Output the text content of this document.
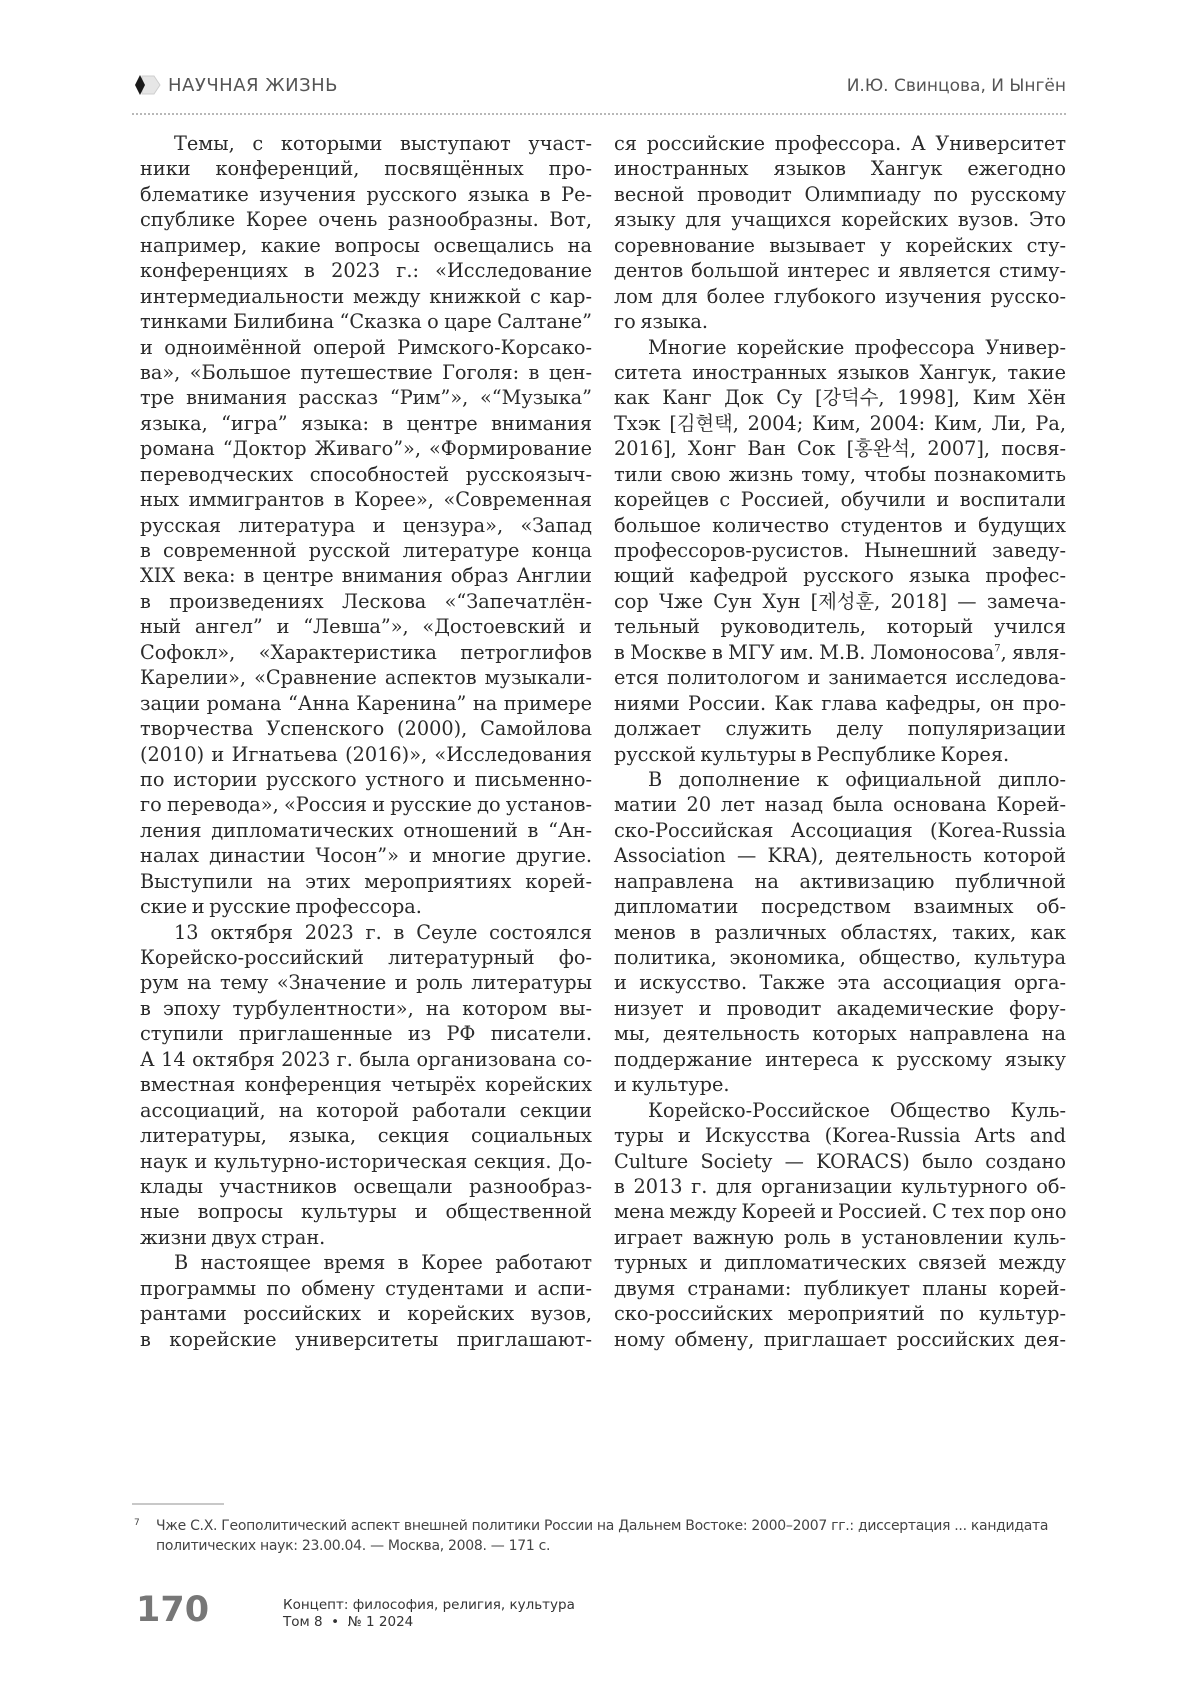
НАУЧНАЯ ЖИЗНЬ	И.Ю. Свинцова, И Ынгён
Темы, с которыми выступают участ-
ники конференций, посвящённых про-
блематике изучения русского языка в Ре-
спублике Корее очень разнообразны. Вот,
например, какие вопросы освещались на
конференциях в 2023 г.: «Исследование
интермедиальности между книжкой с кар-
тинками Билибина “Сказка о царе Салтане”
и одноимённой оперой Римского-Корсако-
ва», «Большое путешествие Гоголя: в цен-
тре внимания рассказ “Рим”», «“Музыка”
языка, “игра” языка: в центре внимания
романа “Доктор Живаго”», «Формирование
переводческих способностей русскоязыч-
ных иммигрантов в Корее», «Современная
русская литература и цензура», «Запад
в современной русской литературе конца
XIX века: в центре внимания образ Англии
в произведениях Лескова «“Запечатлён-
ный ангел” и “Левша”», «Достоевский и
Софокл», «Характеристика петроглифов
Карелии», «Сравнение аспектов музыкали-
зации романа “Анна Каренина” на примере
творчества Успенского (2000), Самойлова
(2010) и Игнатьева (2016)», «Исследования
по истории русского устного и письменно-
го перевода», «Россия и русские до установ-
ления дипломатических отношений в “Ан-
налах династии Чосон”» и многие другие.
Выступили на этих мероприятиях корей-
ские и русские профессора.
13 октября 2023 г. в Сеуле состоялся
Корейско-российский литературный фо-
рум на тему «Значение и роль литературы
в эпоху турбулентности», на котором вы-
ступили приглашенные из РФ писатели.
А 14 октября 2023 г. была организована со-
вместная конференция четырёх корейских
ассоциаций, на которой работали секции
литературы, языка, секция социальных
наук и культурно-историческая секция. До-
клады участников освещали разнообраз-
ные вопросы культуры и общественной
жизни двух стран.
В настоящее время в Корее работают
программы по обмену студентами и аспи-
рантами российских и корейских вузов,
в корейские университеты приглашают-
ся российские профессора. А Университет
иностранных языков Хангук ежегодно
весной проводит Олимпиаду по русскому
языку для учащихся корейских вузов. Это
соревнование вызывает у корейских сту-
дентов большой интерес и является стиму-
лом для более глубокого изучения русско-
го языка.
Многие корейские профессора Универ-
ситета иностранных языков Хангук, такие
как Канг Док Су [강덕수, 1998], Ким Хён
Тхэк [김현택, 2004; Ким, 2004: Ким, Ли, Ра,
2016], Хонг Ван Сок [홍완석, 2007], посвя-
тили свою жизнь тому, чтобы познакомить
корейцев с Россией, обучили и воспитали
большое количество студентов и будущих
профессоров-русистов. Нынешний заведу-
ющий кафедрой русского языка профес-
сор Чже Сун Хун [제성훈, 2018] — замеча-
тельный руководитель, который учился
в Москве в МГУ им. М.В. Ломоносова$^7$, явля-
ется политологом и занимается исследова-
ниями России. Как глава кафедры, он про-
должает служить делу популяризации
русской культуры в Республике Корея.
В дополнение к официальной дипло-
матии 20 лет назад была основана Корей-
ско-Российская Ассоциация (Korea-Russia
Association — KRA), деятельность которой
направлена на активизацию публичной
дипломатии посредством взаимных об-
менов в различных областях, таких, как
политика, экономика, общество, культура
и искусство. Также эта ассоциация орга-
низует и проводит академические фору-
мы, деятельность которых направлена на
поддержание интереса к русскому языку
и культуре.
Корейско-Российское Общество Куль-
туры и Искусства (Korea-Russia Arts and
Culture Society — KORACS) было создано
в 2013 г. для организации культурного об-
мена между Кореей и Россией. С тех пор оно
играет важную роль в установлении куль-
турных и дипломатических связей между
двумя странами: публикует планы корей-
ско-российских мероприятий по культур-
ному обмену, приглашает российских дея-
7	Чже С.Х. Геополитический аспект внешней политики России на Дальнем Востоке: 2000–2007 гг.: диссертация ... кандидата политических наук: 23.00.04. — Москва, 2008. — 171 с.
170	Концепт: философия, религия, культура
Том 8  •  № 1 2024
